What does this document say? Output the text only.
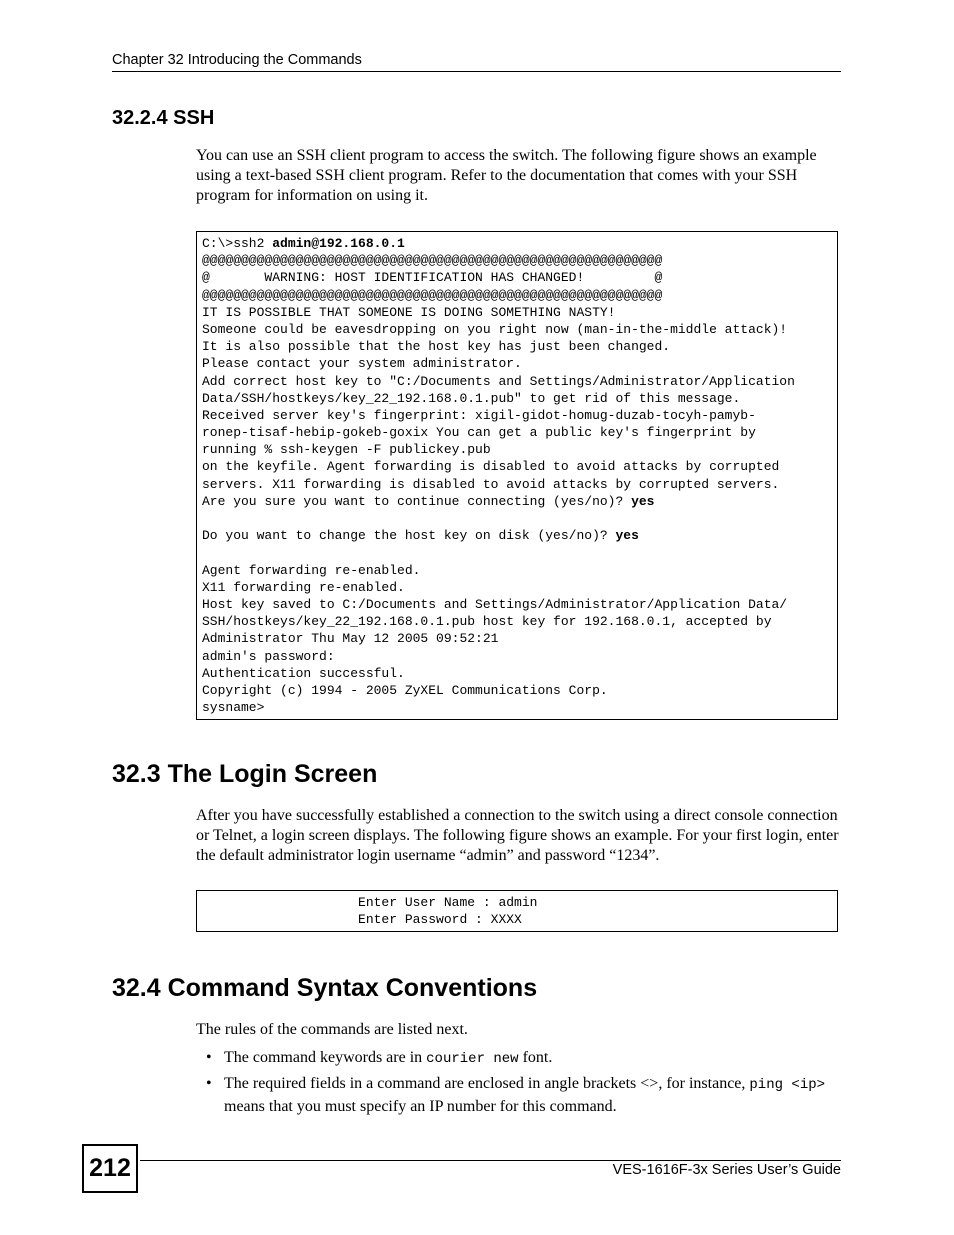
Chapter 32 Introducing the Commands
32.2.4 SSH
You can use an SSH client program to access the switch. The following figure shows an example using a text-based SSH client program. Refer to the documentation that comes with your SSH program for information on using it.
C:\>ssh2 admin@192.168.0.1
@@@@@@@@@@@@@@@@@@@@@@@@@@@@@@@@@@@@@@@@@@@@@@@@@@@@@@@@@@@
@       WARNING: HOST IDENTIFICATION HAS CHANGED!         @
@@@@@@@@@@@@@@@@@@@@@@@@@@@@@@@@@@@@@@@@@@@@@@@@@@@@@@@@@@@
IT IS POSSIBLE THAT SOMEONE IS DOING SOMETHING NASTY!
Someone could be eavesdropping on you right now (man-in-the-middle attack)!
It is also possible that the host key has just been changed.
Please contact your system administrator.
Add correct host key to "C:/Documents and Settings/Administrator/Application
Data/SSH/hostkeys/key_22_192.168.0.1.pub" to get rid of this message.
Received server key's fingerprint: xigil-gidot-homug-duzab-tocyh-pamyb-
ronep-tisaf-hebip-gokeb-goxix You can get a public key's fingerprint by
running % ssh-keygen -F publickey.pub
on the keyfile. Agent forwarding is disabled to avoid attacks by corrupted
servers. X11 forwarding is disabled to avoid attacks by corrupted servers.
Are you sure you want to continue connecting (yes/no)? yes
Do you want to change the host key on disk (yes/no)? yes
Agent forwarding re-enabled.
X11 forwarding re-enabled.
Host key saved to C:/Documents and Settings/Administrator/Application Data/
SSH/hostkeys/key_22_192.168.0.1.pub host key for 192.168.0.1, accepted by
Administrator Thu May 12 2005 09:52:21
admin's password:
Authentication successful.
Copyright (c) 1994 - 2005 ZyXEL Communications Corp.
sysname>
32.3 The Login Screen
After you have successfully established a connection to the switch using a direct console connection or Telnet, a login screen displays. The following figure shows an example. For your first login, enter the default administrator login username “admin” and password “1234”.
Enter User Name : admin
Enter Password : XXXX
32.4 Command Syntax Conventions
The rules of the commands are listed next.
• The command keywords are in courier new font.
• The required fields in a command are enclosed in angle brackets <>, for instance, ping <ip> means that you must specify an IP number for this command.
212	VES-1616F-3x Series User’s Guide
